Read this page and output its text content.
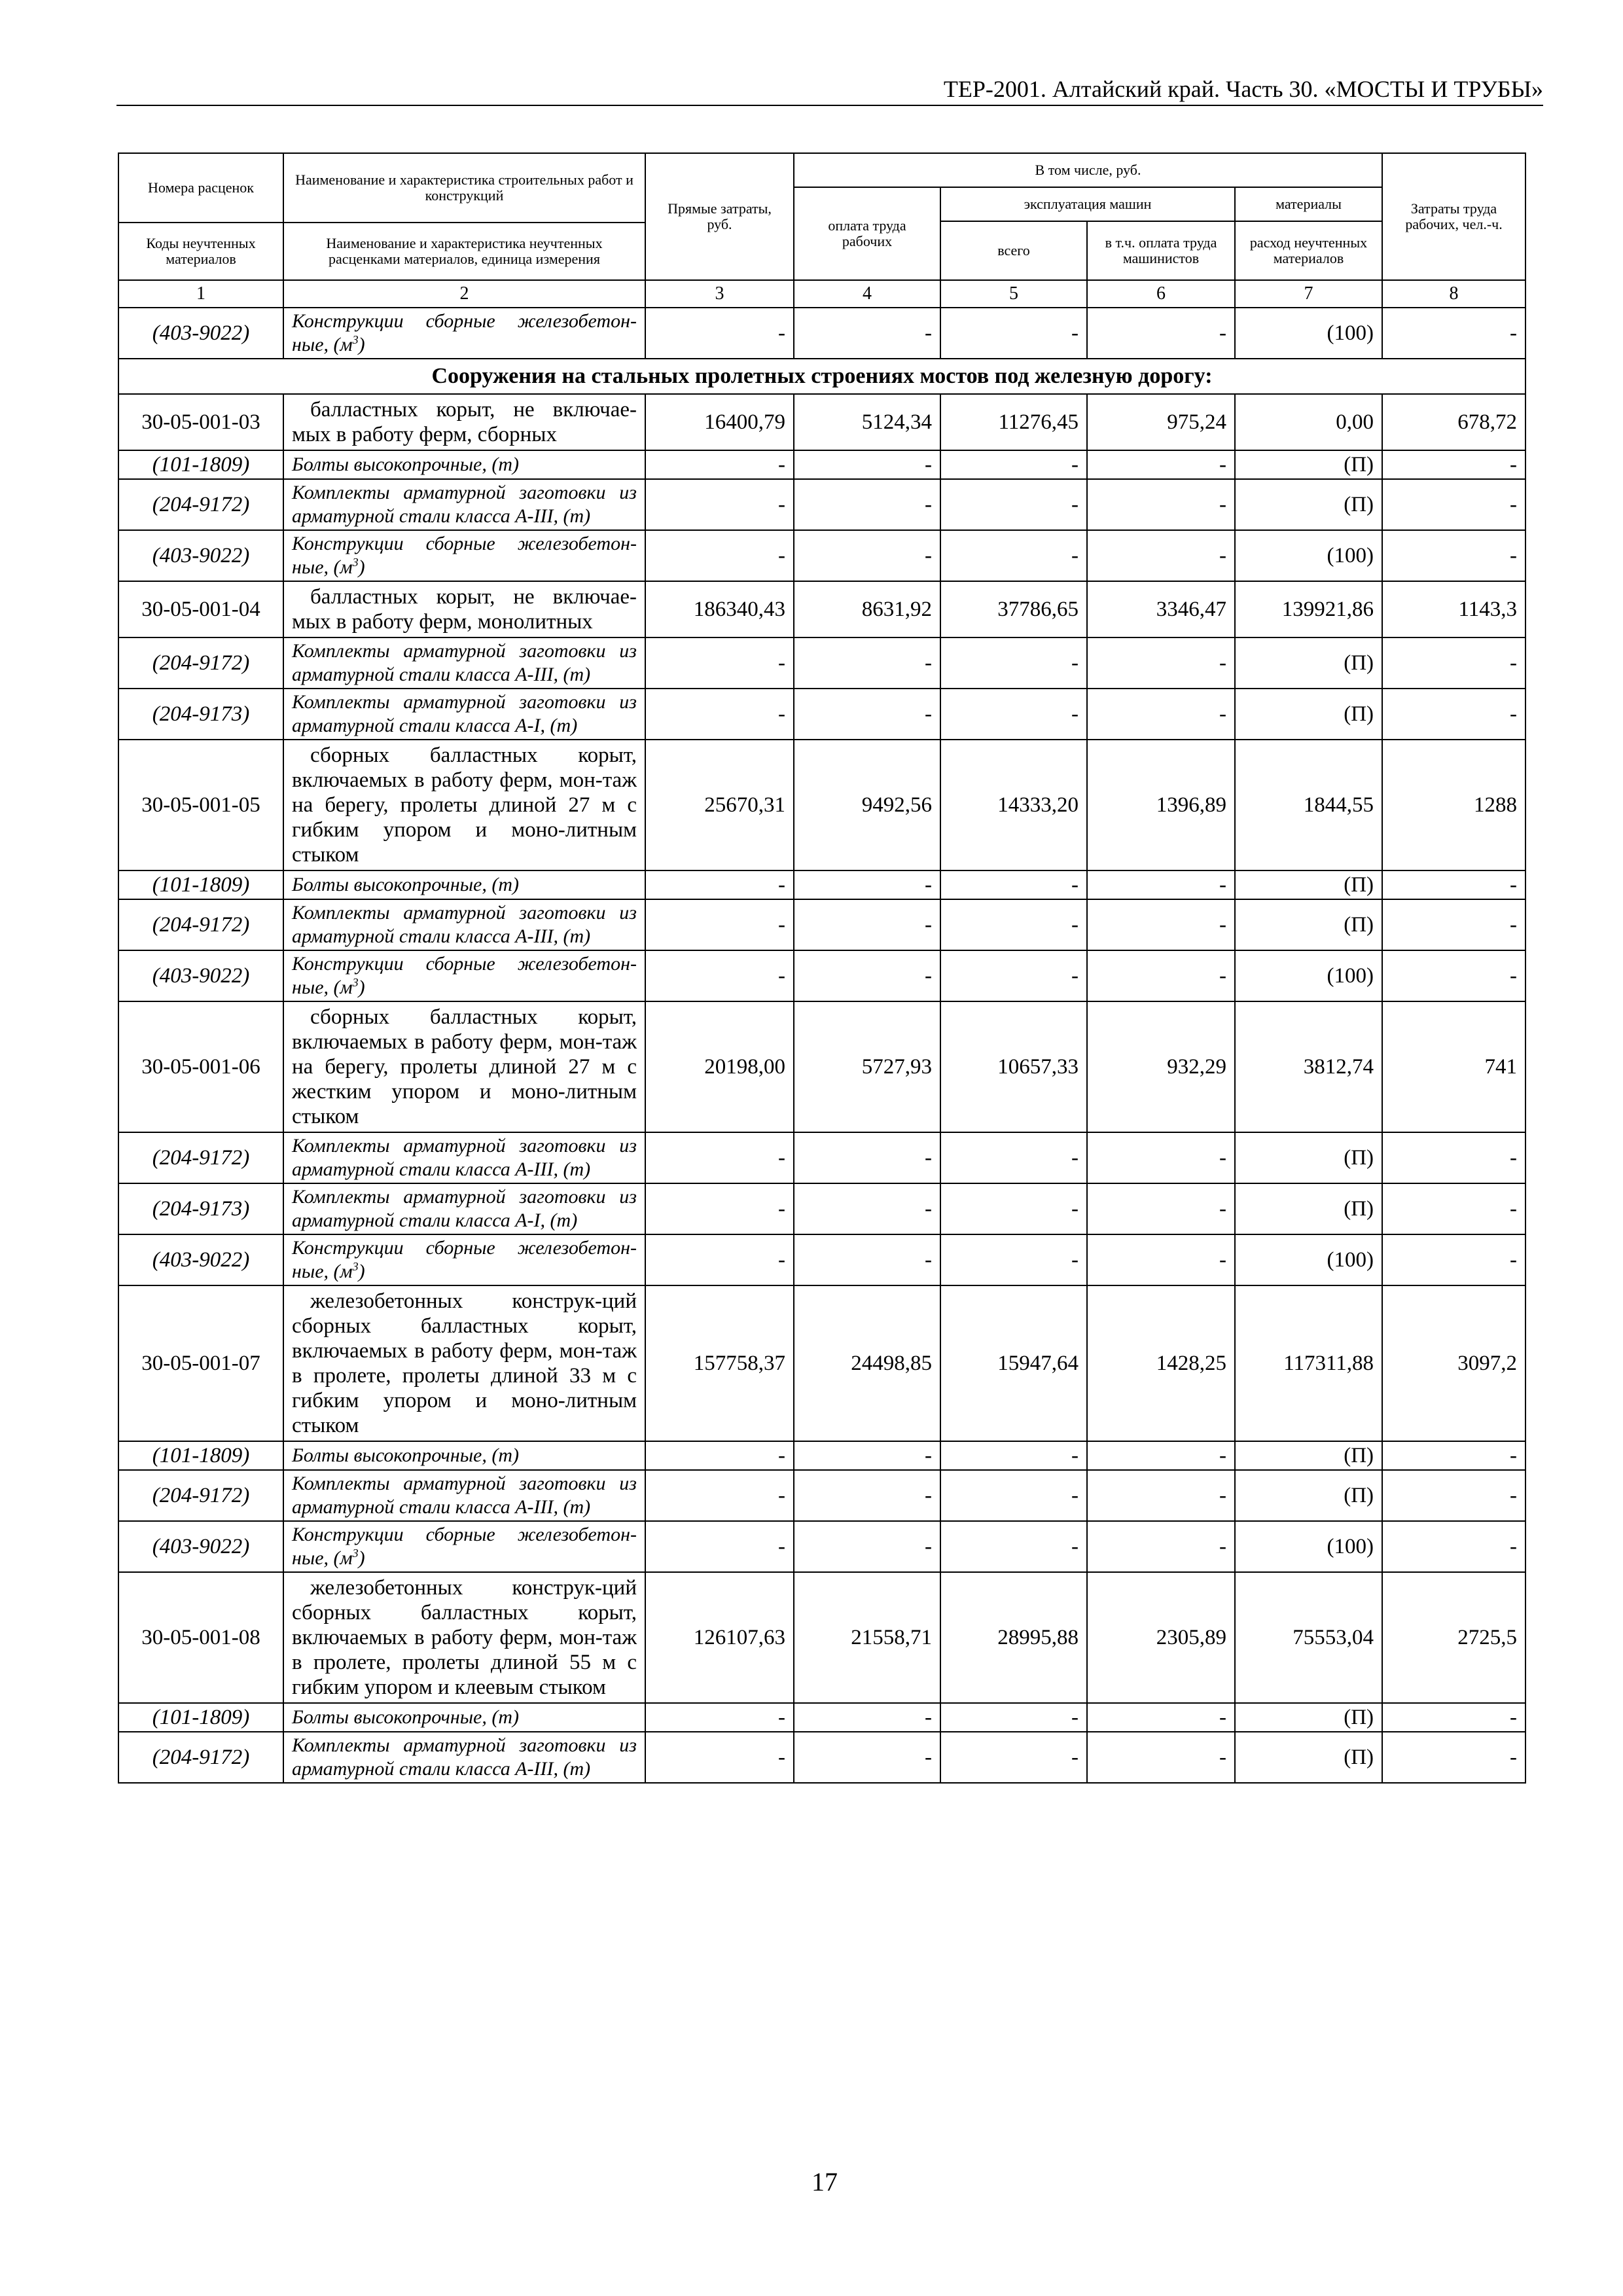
ТЕР-2001. Алтайский край. Часть 30. «МОСТЫ И ТРУБЫ»
Номера расценок	Наименование и характеристика строительных работ и конструкций	Прямые затраты, руб.	В том числе, руб.				Затраты труда рабочих, чел.-ч.
			оплата труда рабочих	эксплуатация машин		материалы	
				всего	в т.ч. оплата труда машинистов	расход неучтенных материалов	
Коды неучтенных материалов	Наименование и характеристика неучтенных расценками материалов, единица измерения						
1	2	3	4	5	6	7	8
(403-9022)	Конструкции сборные железобетон-ные, $(м^3)$	-	-	-	-	(100)	-
Сооружения на стальных пролетных строениях мостов под железную дорогу:							
30-05-001-03	балластных корыт, не включае-мых в работу ферм, сборных	16400,79	5124,34	11276,45	975,24	0,00	678,72
(101-1809)	Болты высокопрочные, (т)	-	-	-	-	(П)	-
(204-9172)	Комплекты арматурной заготовки из арматурной стали класса А-III, (т)	-	-	-	-	(П)	-
(403-9022)	Конструкции сборные железобетон-ные, $(м^3)$	-	-	-	-	(100)	-
30-05-001-04	балластных корыт, не включае-мых в работу ферм, монолитных	186340,43	8631,92	37786,65	3346,47	139921,86	1143,3
(204-9172)	Комплекты арматурной заготовки из арматурной стали класса А-III, (т)	-	-	-	-	(П)	-
(204-9173)	Комплекты арматурной заготовки из арматурной стали класса А-I, (т)	-	-	-	-	(П)	-
30-05-001-05	сборных балластных корыт, включаемых в работу ферм, мон-таж на берегу, пролеты длиной 27 м с гибким упором и моно-литным стыком	25670,31	9492,56	14333,20	1396,89	1844,55	1288
(101-1809)	Болты высокопрочные, (т)	-	-	-	-	(П)	-
(204-9172)	Комплекты арматурной заготовки из арматурной стали класса А-III, (т)	-	-	-	-	(П)	-
(403-9022)	Конструкции сборные железобетон-ные, $(м^3)$	-	-	-	-	(100)	-
30-05-001-06	сборных балластных корыт, включаемых в работу ферм, мон-таж на берегу, пролеты длиной 27 м с жестким упором и моно-литным стыком	20198,00	5727,93	10657,33	932,29	3812,74	741
(204-9172)	Комплекты арматурной заготовки из арматурной стали класса А-III, (т)	-	-	-	-	(П)	-
(204-9173)	Комплекты арматурной заготовки из арматурной стали класса А-I, (т)	-	-	-	-	(П)	-
(403-9022)	Конструкции сборные железобетон-ные, $(м^3)$	-	-	-	-	(100)	-
30-05-001-07	железобетонных конструк-ций сборных балластных корыт, включаемых в работу ферм, мон-таж в пролете, пролеты длиной 33 м с гибким упором и моно-литным стыком	157758,37	24498,85	15947,64	1428,25	117311,88	3097,2
(101-1809)	Болты высокопрочные, (т)	-	-	-	-	(П)	-
(204-9172)	Комплекты арматурной заготовки из арматурной стали класса А-III, (т)	-	-	-	-	(П)	-
(403-9022)	Конструкции сборные железобетон-ные, $(м^3)$	-	-	-	-	(100)	-
30-05-001-08	железобетонных конструк-ций сборных балластных корыт, включаемых в работу ферм, мон-таж в пролете, пролеты длиной 55 м с гибким упором и клеевым стыком	126107,63	21558,71	28995,88	2305,89	75553,04	2725,5
(101-1809)	Болты высокопрочные, (т)	-	-	-	-	(П)	-
(204-9172)	Комплекты арматурной заготовки из арматурной стали класса А-III, (т)	-	-	-	-	(П)	-
17
